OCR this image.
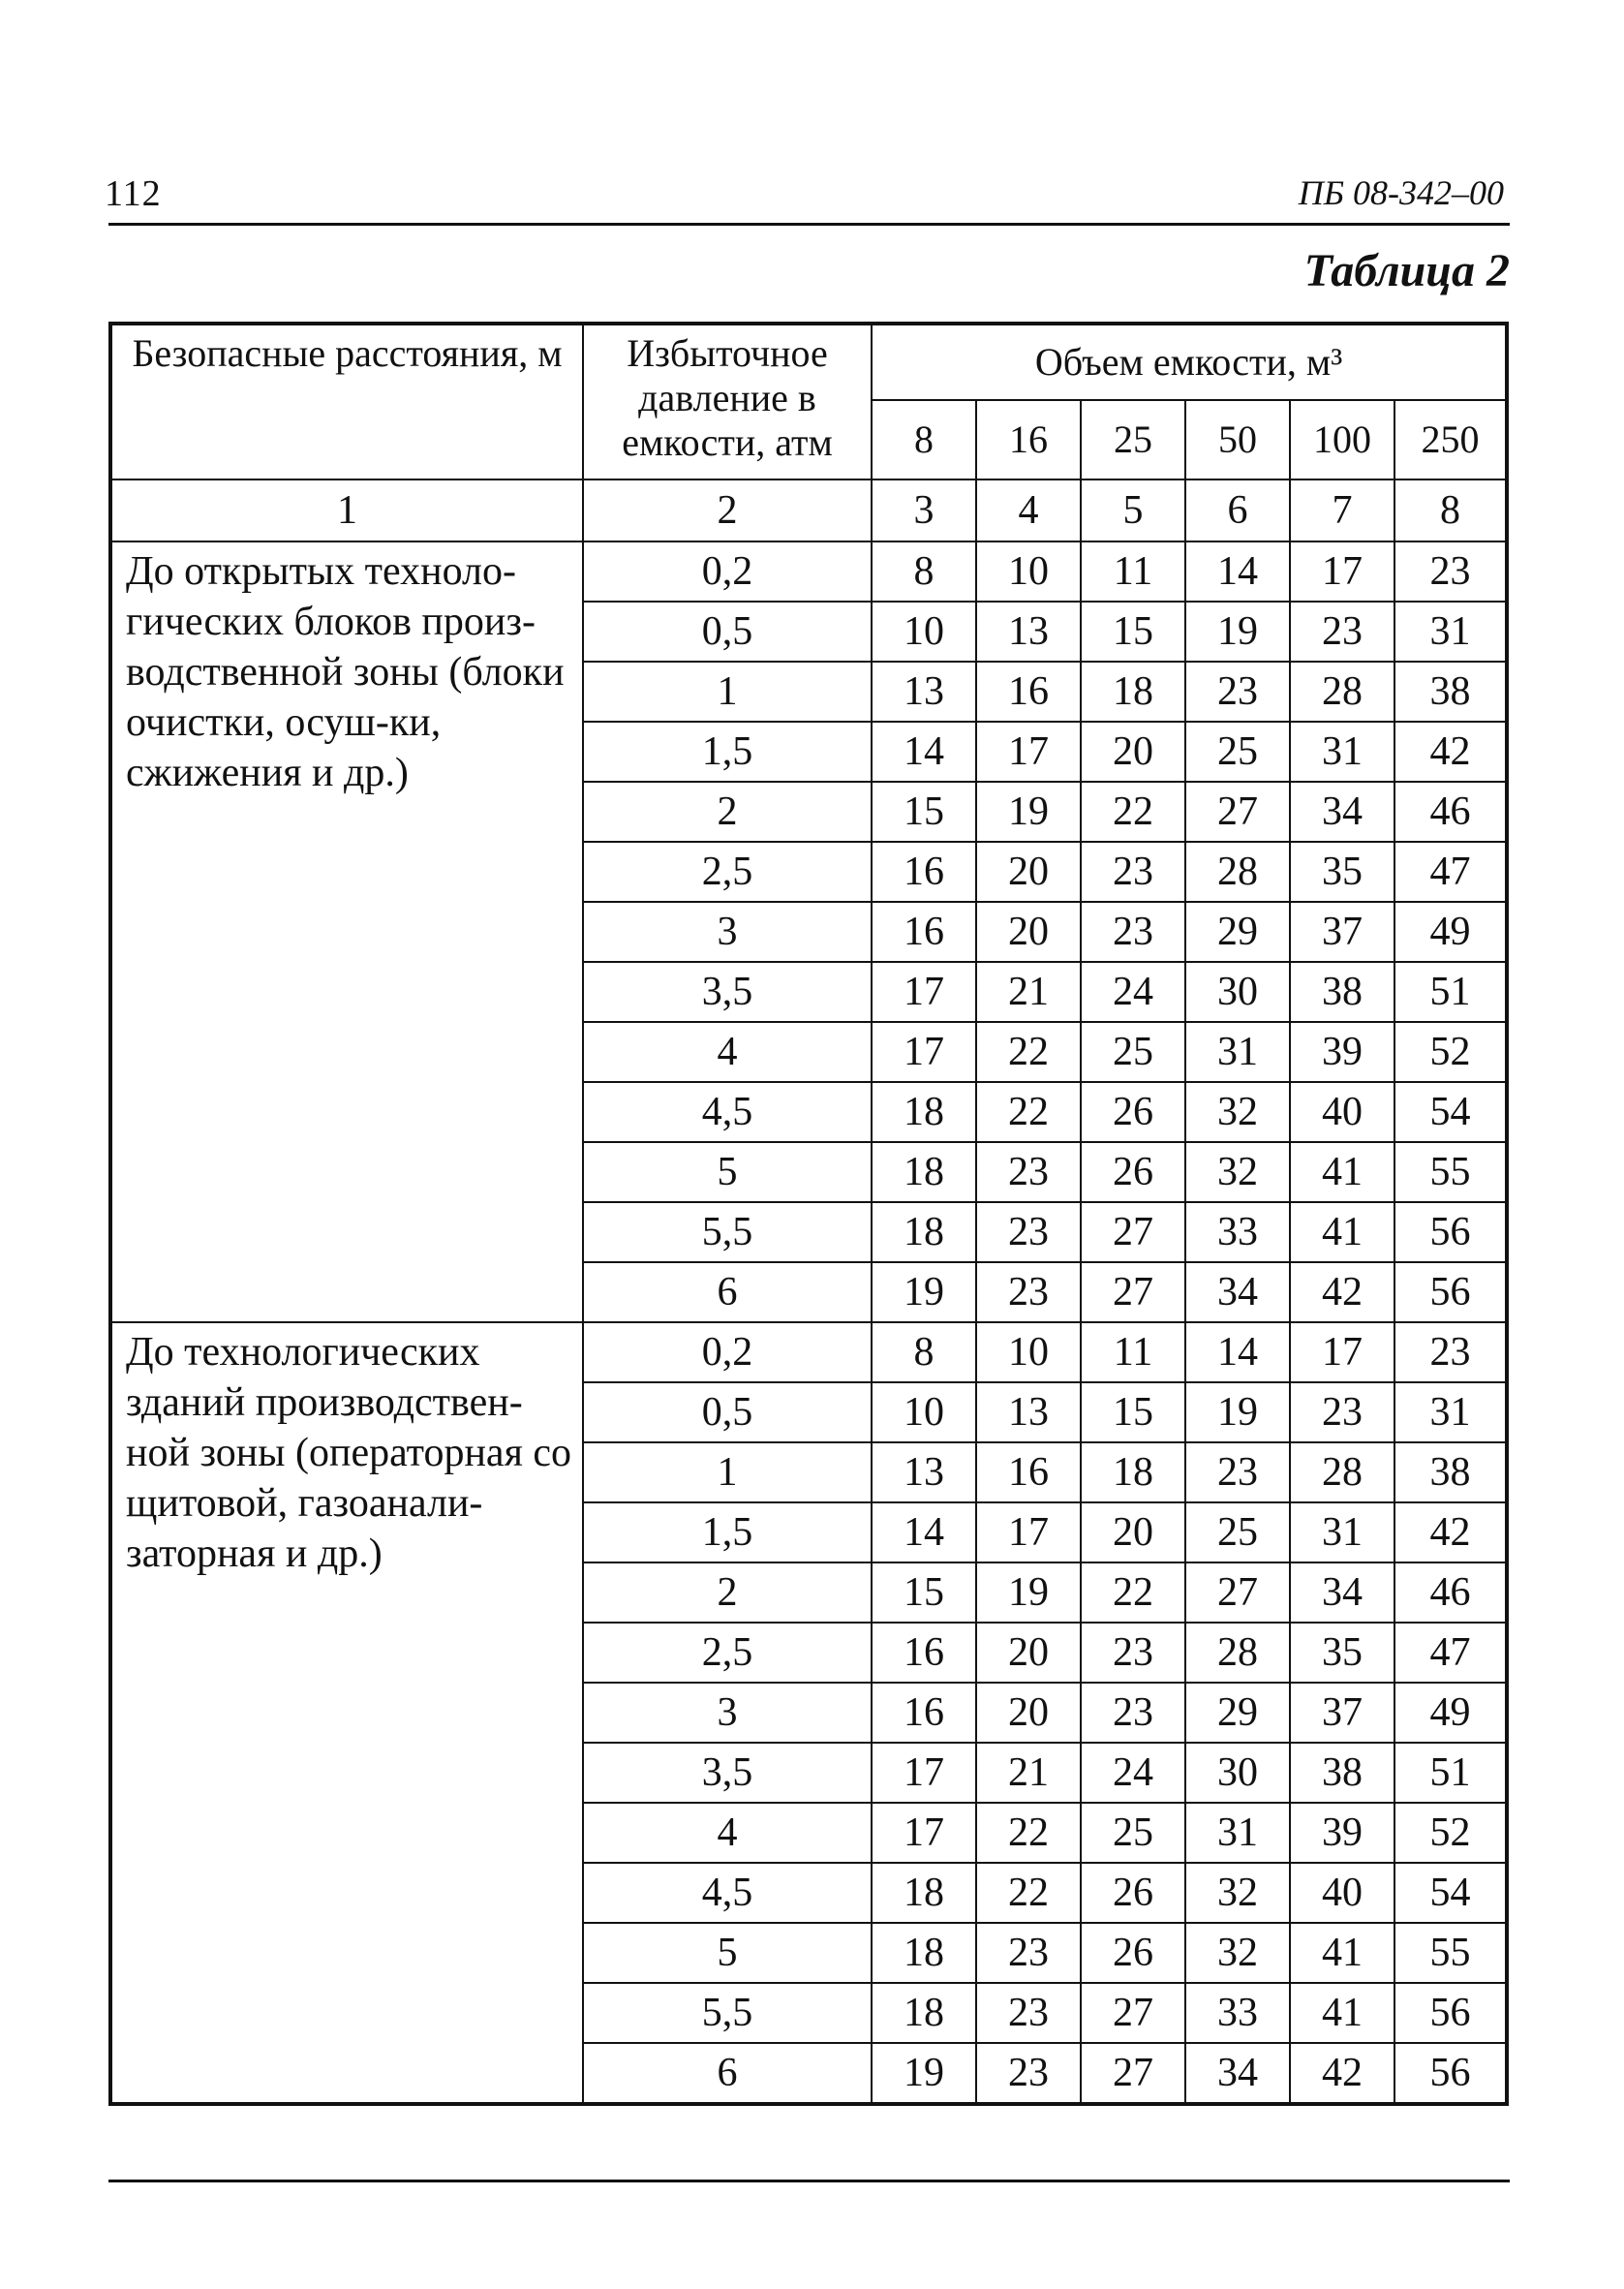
112	ПБ 08-342–00
Таблица 2
Безопасные расстояния, м	Избыточное давление в емкости, атм	Объем емкости, м³					
		8	16	25	50	100	250
1	2	3	4	5	6	7	8
До открытых техноло-гических блоков произ-водственной зоны (блоки очистки, осуш-ки, сжижения и др.)	0,2	8	10	11	14	17	23
	0,5	10	13	15	19	23	31
	1	13	16	18	23	28	38
	1,5	14	17	20	25	31	42
	2	15	19	22	27	34	46
	2,5	16	20	23	28	35	47
	3	16	20	23	29	37	49
	3,5	17	21	24	30	38	51
	4	17	22	25	31	39	52
	4,5	18	22	26	32	40	54
	5	18	23	26	32	41	55
	5,5	18	23	27	33	41	56
	6	19	23	27	34	42	56
До технологических зданий производствен-ной зоны (операторная со щитовой, газоанали-заторная и др.)	0,2	8	10	11	14	17	23
	0,5	10	13	15	19	23	31
	1	13	16	18	23	28	38
	1,5	14	17	20	25	31	42
	2	15	19	22	27	34	46
	2,5	16	20	23	28	35	47
	3	16	20	23	29	37	49
	3,5	17	21	24	30	38	51
	4	17	22	25	31	39	52
	4,5	18	22	26	32	40	54
	5	18	23	26	32	41	55
	5,5	18	23	27	33	41	56
	6	19	23	27	34	42	56
